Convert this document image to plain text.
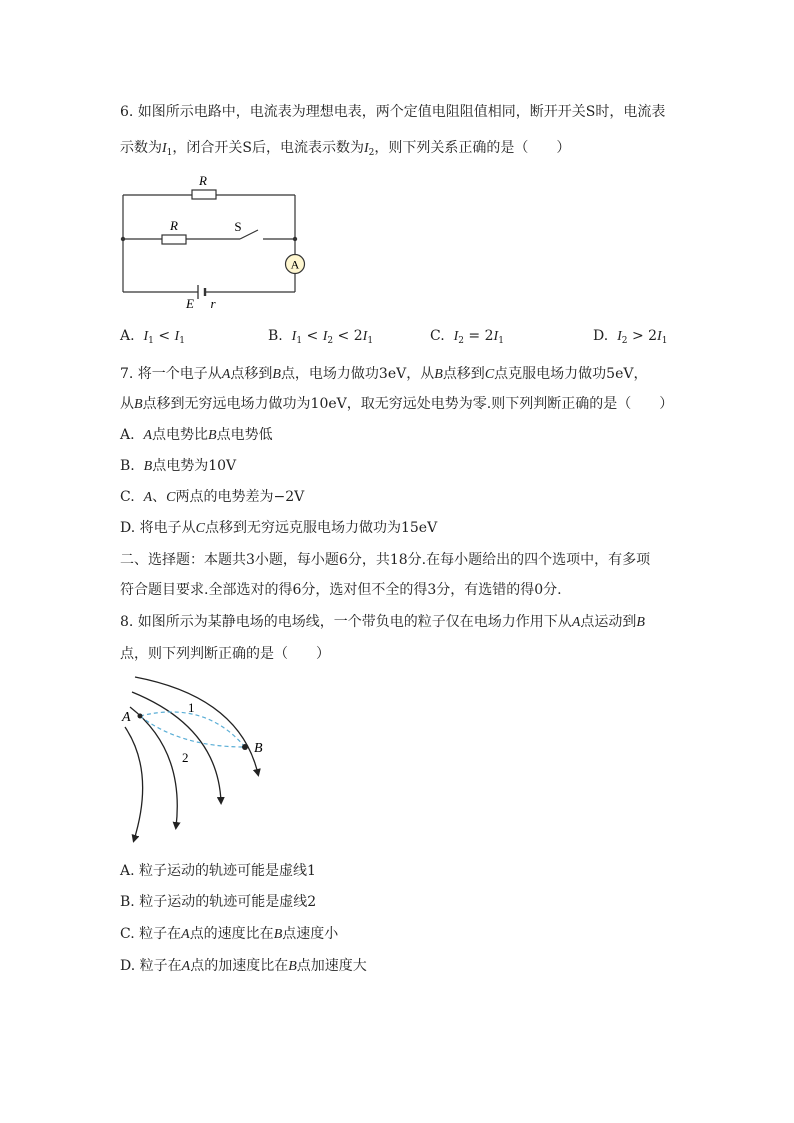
6. 如图所示电路中，电流表为理想电表，两个定值电阻阻值相同，断开开关S时，电流表
示数为$I_1$，闭合开关S后，电流表示数为$I_2$，则下列关系正确的是（　　）
A
R
R	S
E r
A. $I_1 < I_1$	B. $I_1 < I_2 < 2I_1$	C. $I_2 = 2I_1$	D. $I_2 > 2I_1$
7. 将一个电子从A点移到B点，电场力做功3eV，从B点移到C点克服电场力做功5eV，
从B点移到无穷远电场力做功为10eV，取无穷远处电势为零.则下列判断正确的是（　　）
A. A点电势比B点电势低
B. B点电势为10V
C. A、C两点的电势差为−2V
D. 将电子从C点移到无穷远克服电场力做功为15eV
二、选择题：本题共3小题，每小题6分，共18分.在每小题给出的四个选项中，有多项
符合题目要求.全部选对的得6分，选对但不全的得3分，有选错的得0分.
8. 如图所示为某静电场的电场线，一个带负电的粒子仅在电场力作用下从A点运动到B
点，则下列判断正确的是（　　）
A
B
1
2
A. 粒子运动的轨迹可能是虚线1
B. 粒子运动的轨迹可能是虚线2
C. 粒子在A点的速度比在B点速度小
D. 粒子在A点的加速度比在B点加速度大
